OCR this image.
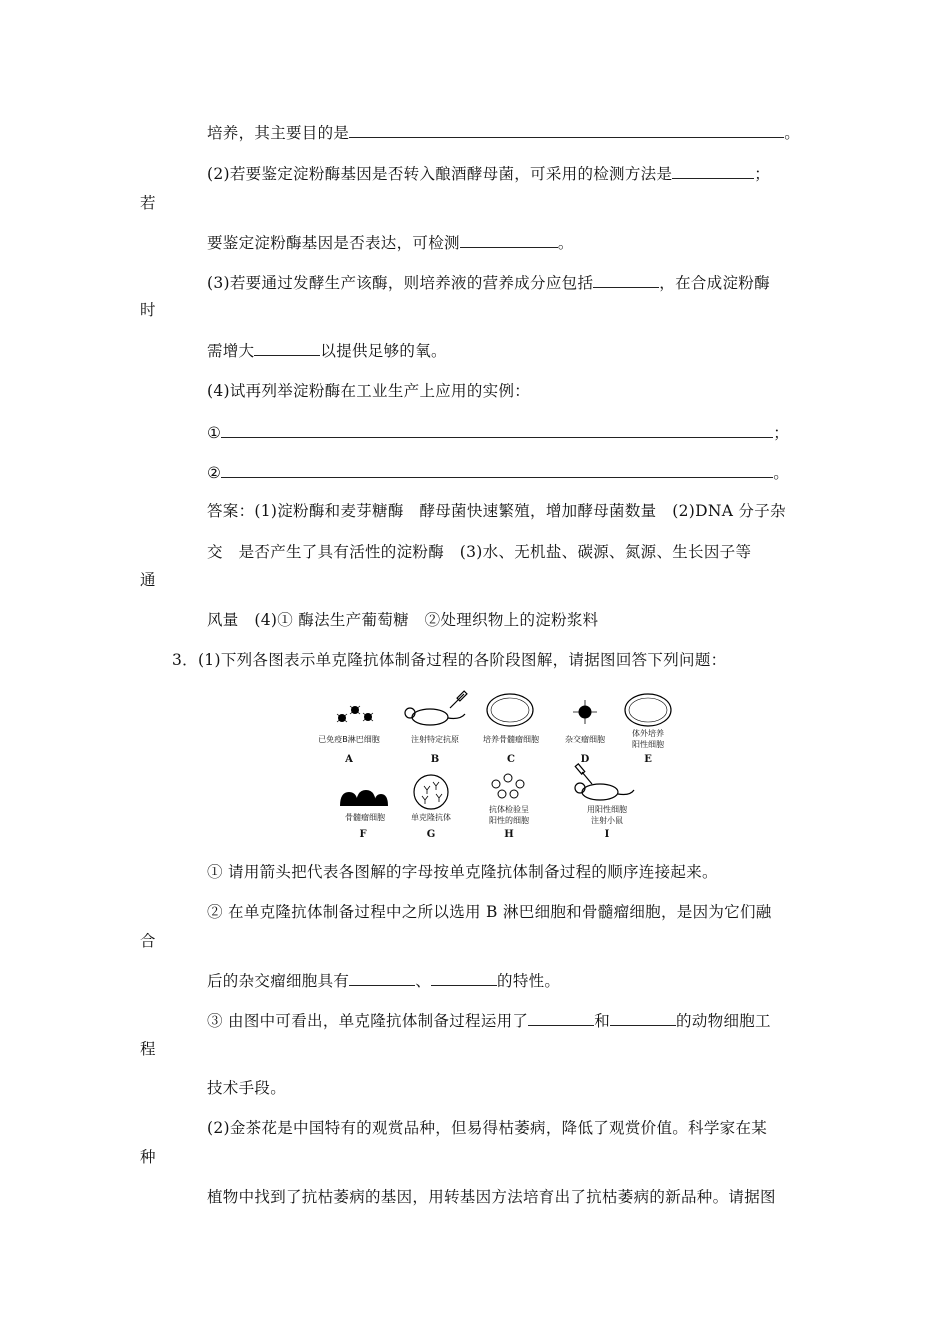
培养，其主要目的是	。
(2)若要鉴定淀粉酶基因是否转入酿酒酵母菌，可采用的检测方法是	；
若
要鉴定淀粉酶基因是否表达，可检测	。
(3)若要通过发酵生产该酶，则培养液的营养成分应包括	，在合成淀粉酶
时
需增大	以提供足够的氧。
(4)试再列举淀粉酶在工业生产上应用的实例：
①	；
②	。
答案：(1)淀粉酶和麦芽糖酶　酵母菌快速繁殖，增加酵母菌数量　(2)DNA 分子杂
交　是否产生了具有活性的淀粉酶　(3)水、无机盐、碳源、氮源、生长因子等
通
风量　(4)① 酶法生产葡萄糖　②处理织物上的淀粉浆料
3．(1)下列各图表示单克隆抗体制备过程的各阶段图解，请据图回答下列问题：
已免疫B淋巴细胞
A
注射特定抗原
B
培养骨髓瘤细胞
C
杂交瘤细胞
D
体外培养
阳性细胞
E
骨髓瘤细胞
F
单克隆抗体
G
抗体检验呈
阳性的细胞
H
用阳性细胞
注射小鼠
I
① 请用箭头把代表各图解的字母按单克隆抗体制备过程的顺序连接起来。
② 在单克隆抗体制备过程中之所以选用 B 淋巴细胞和骨髓瘤细胞，是因为它们融
合
后的杂交瘤细胞具有	、	的特性。
③ 由图中可看出，单克隆抗体制备过程运用了	和	的动物细胞工
程
技术手段。
(2)金茶花是中国特有的观赏品种，但易得枯萎病，降低了观赏价值。科学家在某
种
植物中找到了抗枯萎病的基因，用转基因方法培育出了抗枯萎病的新品种。请据图
